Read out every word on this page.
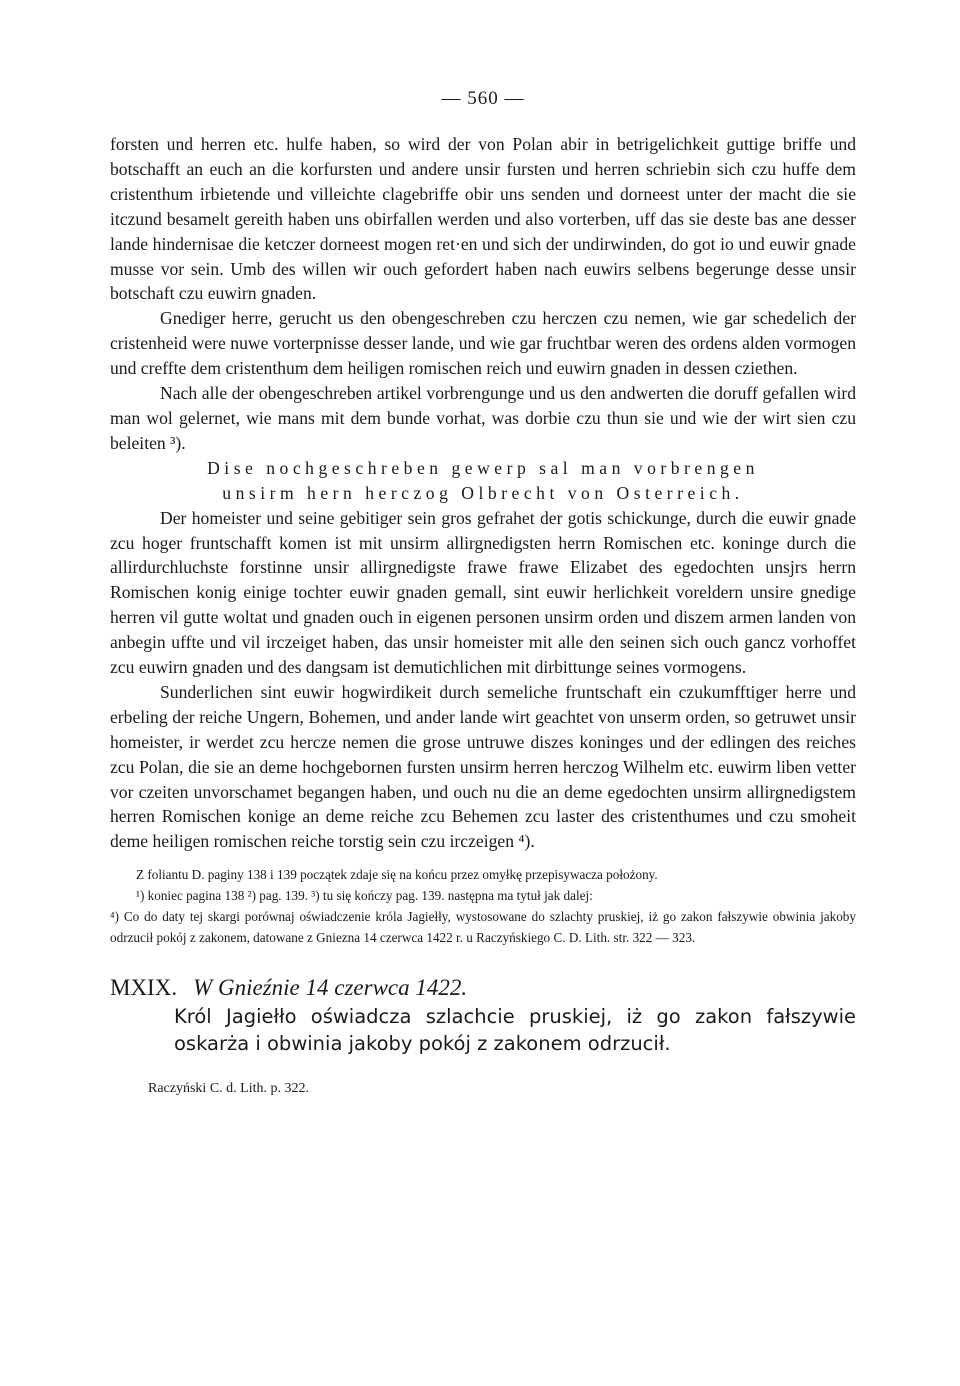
— 560 —

forsten und herren etc. hulfe haben, so wird der von Polan abir in betrigelichkeit guttige briffe und botschafft an euch an die korfursten und andere unsir fursten und herren schriebin sich czu huffe dem cristenthum irbietende und villeichte clagebriffe obir uns senden und dorneest unter der macht die sie itczund besamelt gereith haben uns obirfallen werden und also vorterben, uff das sie deste bas ane desser lande hindernisae die ketczer dorneest mogen ret·en und sich der undirwinden, do got io und euwir gnade musse vor sein. Umb des willen wir ouch gefordert haben nach euwirs selbens begerunge desse unsir botschaft czu euwirn gnaden.

Gnediger herre, gerucht us den obengeschreben czu herczen czu nemen, wie gar schedelich der cristenheid were nuwe vorterpnisse desser lande, und wie gar fruchtbar weren des ordens alden vormogen und creffte dem cristenthum dem heiligen romischen reich und euwirn gnaden in dessen cziethen.

Nach alle der obengeschreben artikel vorbrengunge und us den andwerten die doruff gefallen wird man wol gelernet, wie mans mit dem bunde vorhat, was dorbie czu thun sie und wie der wirt sien czu beleiten ³).

Dise nochgeschreben gewerp sal man vorbrengen

unsirm hern herczog Olbrecht von Osterreich.

Der homeister und seine gebitiger sein gros gefrahet der gotis schickunge, durch die euwir gnade zcu hoger fruntschafft komen ist mit unsirm allirgnedigsten herrn Romischen etc. koninge durch die allirdurchluchste forstinne unsir allirgnedigste frawe frawe Elizabet des egedochten unsjrs herrn Romischen konig einige tochter euwir gnaden gemall, sint euwir herlichkeit voreldern unsire gnedige herren vil gutte woltat und gnaden ouch in eigenen personen unsirm orden und diszem armen landen von anbegin uffte und vil irczeiget haben, das unsir homeister mit alle den seinen sich ouch gancz vorhoffet zcu euwirn gnaden und des dangsam ist demutichlichen mit dirbittunge seines vormogens.

Sunderlichen sint euwir hogwirdikeit durch semeliche fruntschaft ein czukumfftiger herre und erbeling der reiche Ungern, Bohemen, und ander lande wirt geachtet von unserm orden, so getruwet unsir homeister, ir werdet zcu hercze nemen die grose untruwe diszes koninges und der edlingen des reiches zcu Polan, die sie an deme hochgebornen fursten unsirm herren herczog Wilhelm etc. euwirm liben vetter vor czeiten unvorschamet begangen haben, und ouch nu die an deme egedochten unsirm allirgnedigstem herren Romischen konige an deme reiche zcu Behemen zcu laster des cristenthumes und czu smoheit deme heiligen romischen reiche torstig sein czu irczeigen ⁴).

Z foliantu D. paginy 138 i 139 początek zdaje się na końcu przez omyłkę przepisywacza położony.

¹) koniec pagina 138 ²) pag. 139. ³) tu się kończy pag. 139. następna ma tytuł jak dalej:

⁴) Co do daty tej skargi porównaj oświadczenie króla Jagiełły, wystosowane do szlachty pruskiej, iż go zakon fałszywie obwinia jakoby odrzucił pokój z zakonem, datowane z Gniezna 14 czerwca 1422 r. u Raczyńskiego C. D. Lith. str. 322 — 323.

MXIX. W Gnieźnie 14 czerwca 1422.
Król Jagiełło oświadcza szlachcie pruskiej, iż go zakon fałszywie oskarża i obwinia jakoby pokój z zakonem odrzucił.
Raczyński C. d. Lith. p. 322.
